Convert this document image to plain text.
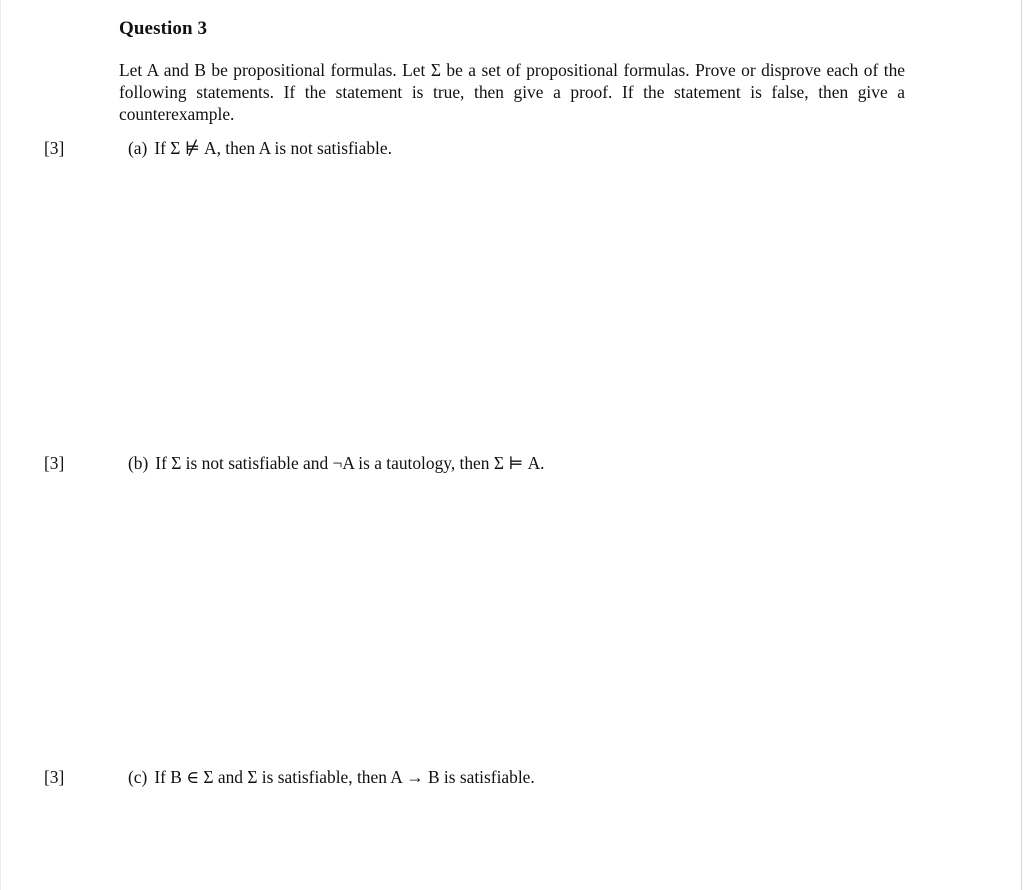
Question 3
Let A and B be propositional formulas. Let Σ be a set of propositional formulas. Prove or disprove each of the following statements. If the statement is true, then give a proof. If the statement is false, then give a counterexample.
[3]	(a) If Σ ⊭ A, then A is not satisfiable.
[3]	(b) If Σ is not satisfiable and ¬A is a tautology, then Σ ⊨ A.
[3]	(c) If B ∈ Σ and Σ is satisfiable, then A → B is satisfiable.
